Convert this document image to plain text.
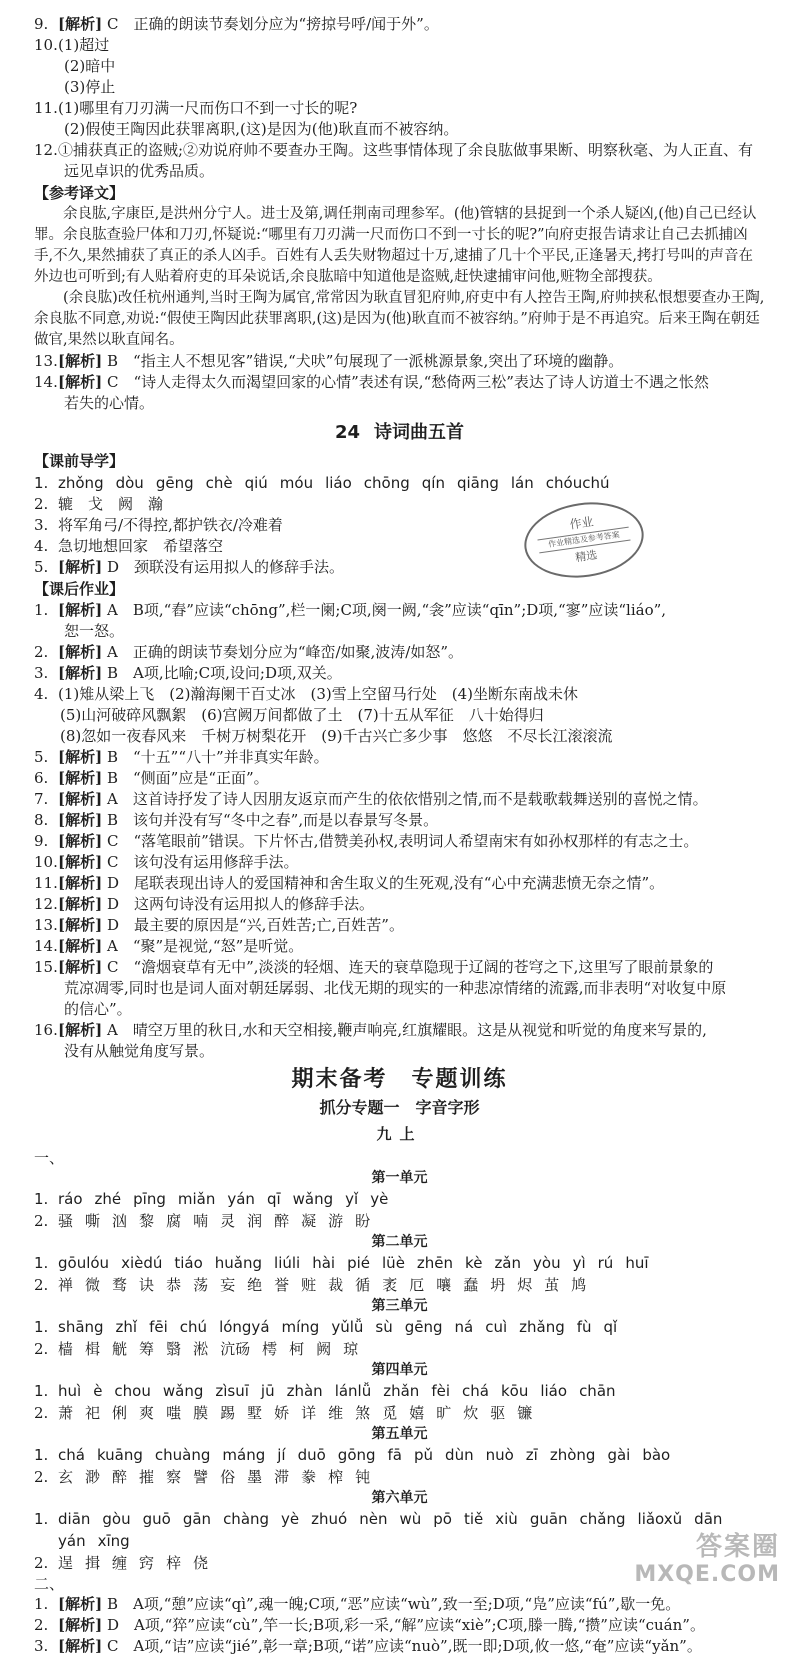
9. [解析] C　正确的朗读节奏划分应为“搒掠号呼/闻于外”。
10.(1)超过
(2)暗中
(3)停止
11.(1)哪里有刀刃满一尺而伤口不到一寸长的呢?
(2)假使王陶因此获罪离职,(这)是因为(他)耿直而不被容纳。
12.①捕获真正的盗贼;②劝说府帅不要查办王陶。这些事情体现了余良肱做事果断、明察秋毫、为人正直、有
远见卓识的优秀品质。
【参考译文】
余良肱,字康臣,是洪州分宁人。进士及第,调任荆南司理参军。(他)管辖的县捉到一个杀人疑凶,(他)自己已经认罪。余良肱查验尸体和刀刃,怀疑说:“哪里有刀刃满一尺而伤口不到一寸长的呢?”向府吏报告请求让自己去抓捕凶手,不久,果然捕获了真正的杀人凶手。百姓有人丢失财物超过十万,逮捕了几十个平民,正逢暑天,拷打号叫的声音在外边也可听到;有人贴着府吏的耳朵说话,余良肱暗中知道他是盗贼,赶快逮捕审问他,赃物全部搜获。
(余良肱)改任杭州通判,当时王陶为属官,常常因为耿直冒犯府帅,府吏中有人控告王陶,府帅挟私恨想要查办王陶,余良肱不同意,劝说:“假使王陶因此获罪离职,(这)是因为(他)耿直而不被容纳。”府帅于是不再追究。后来王陶在朝廷做官,果然以耿直闻名。
13.[解析] B　“指主人不想见客”错误,“犬吠”句展现了一派桃源景象,突出了环境的幽静。
14.[解析] C　“诗人走得太久而渴望回家的心情”表述有误,“愁倚两三松”表达了诗人访道士不遇之怅然
若失的心情。
24 诗词曲五首
【课前导学】
1. zhǒng dòu gēng chè qiú móu liáo chōng qín qiāng lán chóuchú
2. 辘　戈　阙　瀚
3. 将军角弓/不得控,都护铁衣/冷难着
4. 急切地想回家　希望落空
5. [解析] D　颈联没有运用拟人的修辞手法。
【课后作业】
1. [解析] A　B项,“舂”应读“chōng”,栏一阑;C项,阕一阙,“衾”应读“qīn”;D项,“寥”应读“liáo”,
恕一怒。
2. [解析] A　正确的朗读节奏划分应为“峰峦/如聚,波涛/如怒”。
3. [解析] B　A项,比喻;C项,设问;D项,双关。
4. (1)雉从梁上飞　(2)瀚海阑干百丈冰　(3)雪上空留马行处　(4)坐断东南战未休
(5)山河破碎风飘絮　(6)宫阙万间都做了土　(7)十五从军征　八十始得归
(8)忽如一夜春风来　千树万树梨花开　(9)千古兴亡多少事　悠悠　不尽长江滚滚流
5. [解析] B　“十五”“八十”并非真实年龄。
6. [解析] B　“侧面”应是“正面”。
7. [解析] A　这首诗抒发了诗人因朋友返京而产生的依依惜别之情,而不是载歌载舞送别的喜悦之情。
8. [解析] B　该句并没有写“冬中之春”,而是以春景写冬景。
9. [解析] C　“落笔眼前”错误。下片怀古,借赞美孙权,表明词人希望南宋有如孙权那样的有志之士。
10.[解析] C　该句没有运用修辞手法。
11.[解析] D　尾联表现出诗人的爱国精神和舍生取义的生死观,没有“心中充满悲愤无奈之情”。
12.[解析] D　这两句诗没有运用拟人的修辞手法。
13.[解析] D　最主要的原因是“兴,百姓苦;亡,百姓苦”。
14.[解析] A　“聚”是视觉,“怒”是听觉。
15.[解析] C　“澹烟衰草有无中”,淡淡的轻烟、连天的衰草隐现于辽阔的苍穹之下,这里写了眼前景象的
荒凉凋零,同时也是词人面对朝廷孱弱、北伐无期的现实的一种悲凉情绪的流露,而非表明“对收复中原
的信心”。
16.[解析] A　晴空万里的秋日,水和天空相接,鞭声响亮,红旗耀眼。这是从视觉和听觉的角度来写景的,
没有从触觉角度写景。
期末备考 专题训练
抓分专题一 字音字形
九上
一、
第一单元
1. ráo zhé pīng miǎn yán qī wǎng yǐ yè
2. 骚 嘶 汹 黎 腐 喃 灵 润 醉 凝 游 盼
第二单元
1. gōulóu xièdú tiáo huǎng liúli hài pié lüè zhēn kè zǎn yòu yì rú huī
2. 禅 微 骛 诀 恭 荡 妄 绝 誉 赃 裁 循 袤 厄 嚷 蠢 坍 烬 茧 鸠
第三单元
1. shāng zhǐ fēi chú lóngyá míng yǔlǚ sù gēng ná cuì zhǎng fù qǐ
2. 樯 楫 觥 筹 翳 淞 沆砀 樗 柯 阙 琼
第四单元
1. huì è chou wǎng zìsuī jū zhàn lánlǚ zhǎn fèi chá kōu liáo chān
2. 萧 祀 俐 爽 嗤 膜 踢 墅 娇 详 维 煞 觅 嬉 旷 炊 驱 镰
第五单元
1. chá kuāng chuàng máng jí duō gōng fā pǔ dùn nuò zī zhòng gài bào
2. 玄 渺 醉 摧 察 譬 俗 墨 滞 豢 榨 钝
第六单元
1. diān gòu guō gān chàng yè zhuó nèn wù pō tiě xiù guān chǎng liǎoxǔ dān
yán xīng
2. 逞 揖 缠 窍 梓 侥
二、
1. [解析] B　A项,“憩”应读“qì”,魂一魄;C项,“恶”应读“wù”,致一至;D项,“凫”应读“fú”,歇一免。
2. [解析] D　A项,“猝”应读“cù”,竿一长;B项,彩一采,“解”应读“xiè”;C项,滕一腾,“攒”应读“cuán”。
3. [解析] C　A项,“诘”应读“jié”,彰一章;B项,“诺”应读“nuò”,既一即;D项,攸一悠,“奄”应读“yǎn”。
作业
作业精选及参考答案
精选
答案圈
MXQE.COM
